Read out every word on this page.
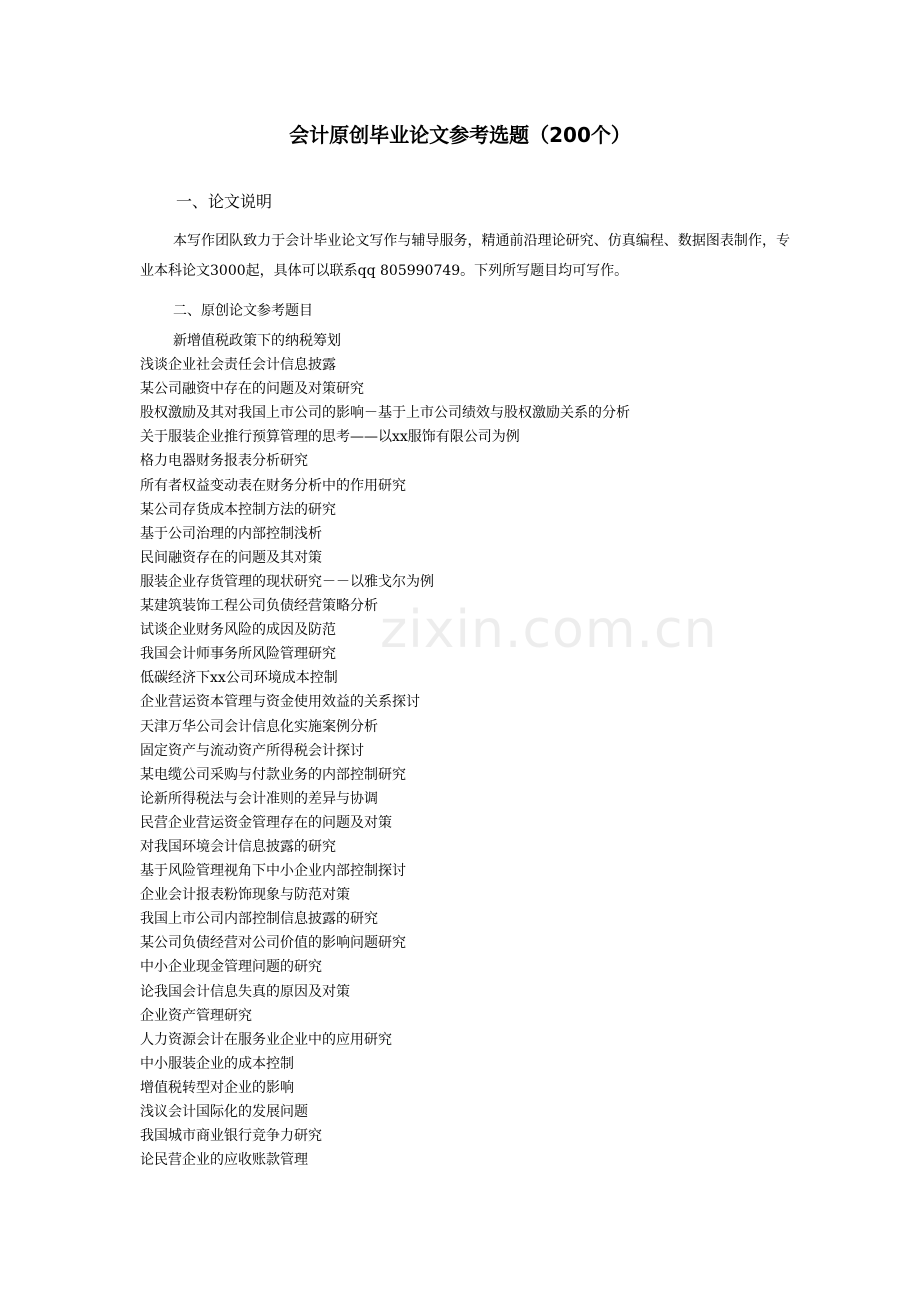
会计原创毕业论文参考选题（200个）

一、论文说明

本写作团队致力于会计毕业论文写作与辅导服务，精通前沿理论研究、仿真编程、数据图表制作，专业本科论文3000起，具体可以联系qq 805990749。下列所写题目均可写作。

二、原创论文参考题目

新增值税政策下的纳税筹划
浅谈企业社会责任会计信息披露
某公司融资中存在的问题及对策研究
股权激励及其对我国上市公司的影响－基于上市公司绩效与股权激励关系的分析
关于服装企业推行预算管理的思考——以xx服饰有限公司为例
格力电器财务报表分析研究
所有者权益变动表在财务分析中的作用研究
某公司存货成本控制方法的研究
基于公司治理的内部控制浅析
民间融资存在的问题及其对策
服装企业存货管理的现状研究－－以雅戈尔为例
某建筑装饰工程公司负债经营策略分析
试谈企业财务风险的成因及防范
我国会计师事务所风险管理研究
低碳经济下xx公司环境成本控制
企业营运资本管理与资金使用效益的关系探讨
天津万华公司会计信息化实施案例分析
固定资产与流动资产所得税会计探讨
某电缆公司采购与付款业务的内部控制研究
论新所得税法与会计准则的差异与协调
民营企业营运资金管理存在的问题及对策
对我国环境会计信息披露的研究
基于风险管理视角下中小企业内部控制探讨
企业会计报表粉饰现象与防范对策
我国上市公司内部控制信息披露的研究
某公司负债经营对公司价值的影响问题研究
中小企业现金管理问题的研究
论我国会计信息失真的原因及对策
企业资产管理研究
人力资源会计在服务业企业中的应用研究
中小服装企业的成本控制
增值税转型对企业的影响
浅议会计国际化的发展问题
我国城市商业银行竞争力研究
论民营企业的应收账款管理
zixin.com.cn
